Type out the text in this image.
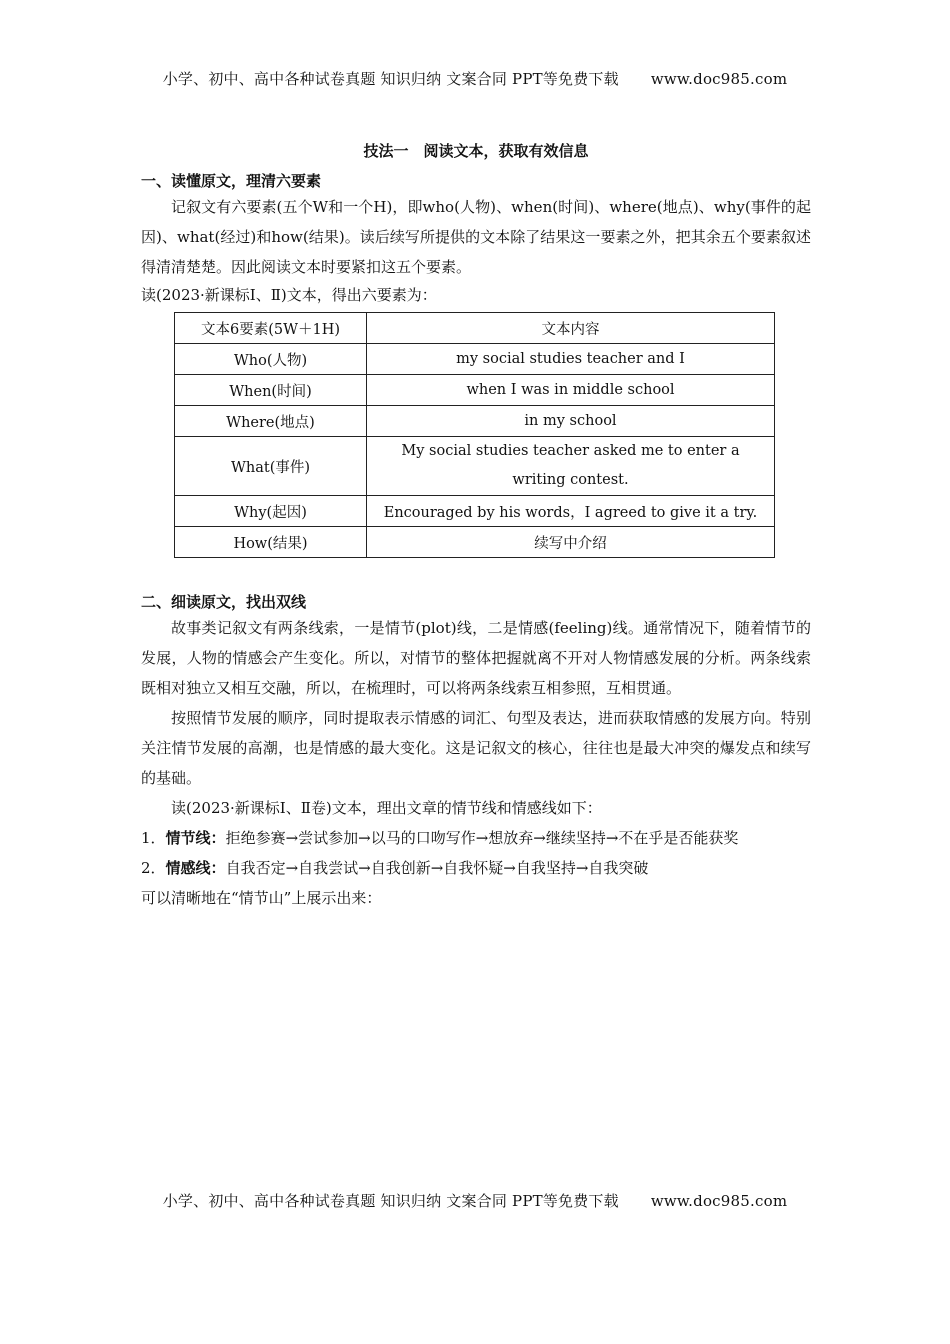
小学、初中、高中各种试卷真题 知识归纳 文案合同 PPT等免费下载 www.doc985.com
技法一　阅读文本，获取有效信息

一、读懂原文，理清六要素

记叙文有六要素(五个W和一个H)，即who(人物)、when(时间)、where(地点)、why(事件的起因)、what(经过)和how(结果)。读后续写所提供的文本除了结果这一要素之外，把其余五个要素叙述得清清楚楚。因此阅读文本时要紧扣这五个要素。

读(2023·新课标Ⅰ、Ⅱ)文本，得出六要素为：

文本6要素(5W＋1H)	文本内容
Who(人物)	my social studies teacher and I
When(时间)	when I was in middle school
Where(地点)	in my school
What(事件)	My social studies teacher asked me to enter a writing contest.
Why(起因)	Encouraged by his words，I agreed to give it a try.
How(结果)	续写中介绍

二、细读原文，找出双线

故事类记叙文有两条线索，一是情节(plot)线，二是情感(feeling)线。通常情况下，随着情节的发展，人物的情感会产生变化。所以，对情节的整体把握就离不开对人物情感发展的分析。两条线索既相对独立又相互交融，所以，在梳理时，可以将两条线索互相参照，互相贯通。

按照情节发展的顺序，同时提取表示情感的词汇、句型及表达，进而获取情感的发展方向。特别关注情节发展的高潮，也是情感的最大变化。这是记叙文的核心，往往也是最大冲突的爆发点和续写的基础。

读(2023·新课标Ⅰ、Ⅱ卷)文本，理出文章的情节线和情感线如下：

1．情节线：拒绝参赛→尝试参加→以马的口吻写作→想放弃→继续坚持→不在乎是否能获奖

2．情感线：自我否定→自我尝试→自我创新→自我怀疑→自我坚持→自我突破

可以清晰地在“情节山”上展示出来：

小学、初中、高中各种试卷真题 知识归纳 文案合同 PPT等免费下载 www.doc985.com
